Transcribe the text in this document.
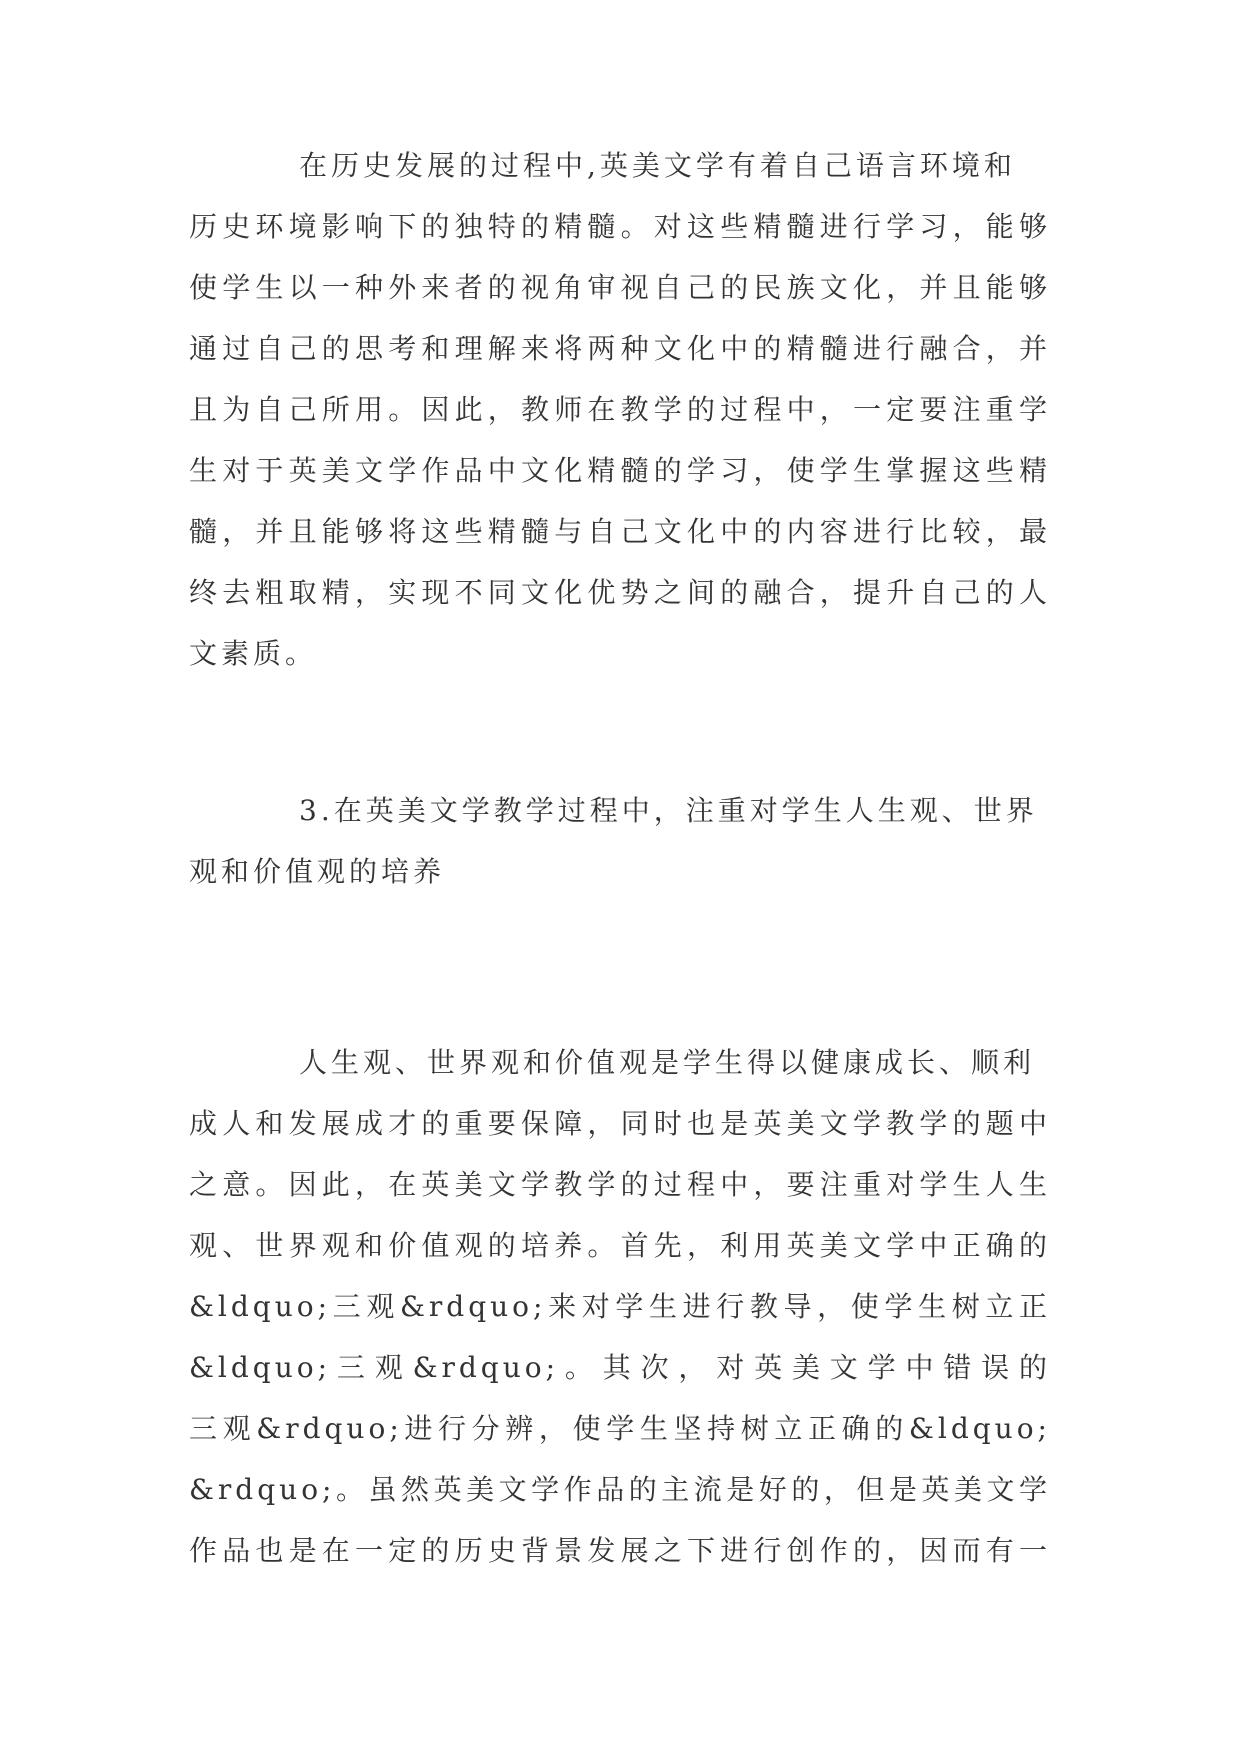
在历史发展的过程中,英美文学有着自己语言环境和
历史环境影响下的独特的精髓。对这些精髓进行学习，能够
使学生以一种外来者的视角审视自己的民族文化，并且能够
通过自己的思考和理解来将两种文化中的精髓进行融合，并
且为自己所用。因此，教师在教学的过程中，一定要注重学
生对于英美文学作品中文化精髓的学习，使学生掌握这些精
髓，并且能够将这些精髓与自己文化中的内容进行比较，最
终去粗取精，实现不同文化优势之间的融合，提升自己的人
文素质。
3.在英美文学教学过程中，注重对学生人生观、世界
观和价值观的培养
人生观、世界观和价值观是学生得以健康成长、顺利
成人和发展成才的重要保障，同时也是英美文学教学的题中
之意。因此，在英美文学教学的过程中，要注重对学生人生
观、世界观和价值观的培养。首先，利用英美文学中正确的
&ldquo;三观&rdquo;来对学生进行教导，使学生树立正
&ldquo;三观&rdquo;。其次，对英美文学中错误的
三观&rdquo;进行分辨，使学生坚持树立正确的&ldquo;
&rdquo;。虽然英美文学作品的主流是好的，但是英美文学
作品也是在一定的历史背景发展之下进行创作的，因而有一
